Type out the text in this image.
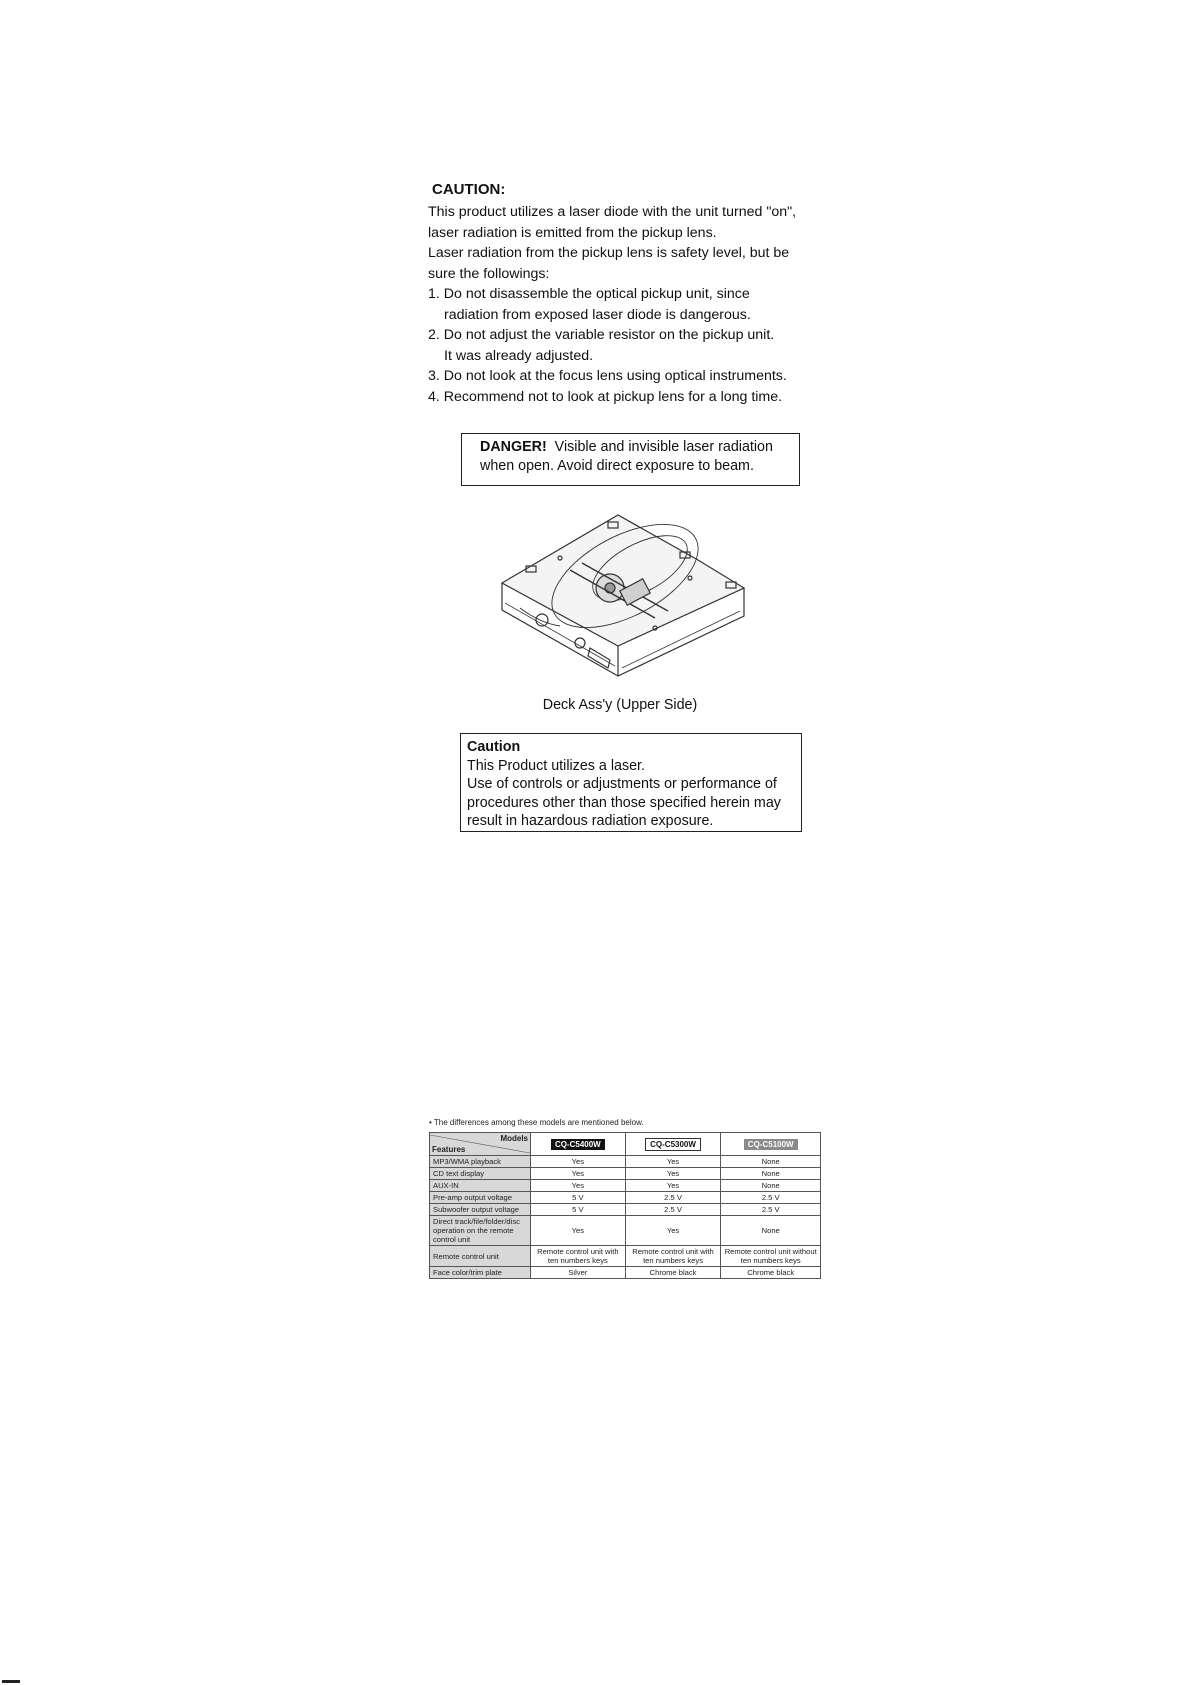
CAUTION:

This product utilizes a laser diode with the unit turned "on",

laser radiation is emitted from the pickup lens.

Laser radiation from the pickup lens is safety level, but be

sure the followings:

1. Do not disassemble the optical pickup unit, since

radiation from exposed laser diode is dangerous.

2. Do not adjust the variable resistor on the pickup unit.

It was already adjusted.

3. Do not look at the focus lens using optical instruments.

4. Recommend not to look at pickup lens for a long time.

DANGER! Visible and invisible laser radiation
when open. Avoid direct exposure to beam.
Deck Ass'y (Upper Side)
Caution
This Product utilizes a laser.
Use of controls or adjustments or performance of
procedures other than those specified herein may
result in hazardous radiation exposure.
• The differences among these models are mentioned below.
Models
Features	CQ-C5400W	CQ-C5300W	CQ-C5100W
MP3/WMA playback	Yes	Yes	None
CD text display	Yes	Yes	None
AUX-IN	Yes	Yes	None
Pre-amp output voltage	5 V	2.5 V	2.5 V
Subwoofer output voltage	5 V	2.5 V	2.5 V
Direct track/file/folder/disc operation on the remote control unit	Yes	Yes	None
Remote control unit	Remote control unit with ten numbers keys	Remote control unit with ten numbers keys	Remote control unit without ten numbers keys
Face color/trim plate	Silver	Chrome black	Chrome black
